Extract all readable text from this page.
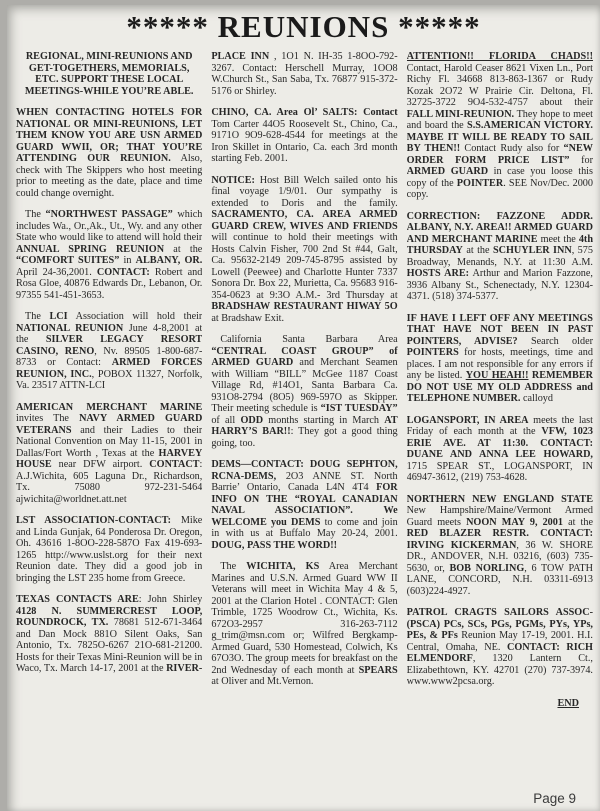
***** REUNIONS *****

REGIONAL, MINI-REUNIONS AND GET-TOGETHERS, MEMORIALS, ETC. SUPPORT THESE LOCAL MEETINGS-WHILE YOU’RE ABLE.

WHEN CONTACTING HOTELS FOR NATIONAL OR MINI-REUNIONS, LET THEM KNOW YOU ARE USN ARMED GUARD WWII, OR; THAT YOU’RE ATTENDING OUR REUNION. Also, check with The Skippers who host meeting prior to meeting as the date, place and time could change overnight.

The “NORTHWEST PASSAGE” which includes Wa., Or.,Ak., Ut., Wy. and any other State who would like to attend will hold their ANNUAL SPRING REUNION at the “COMFORT SUITES” in ALBANY, OR. April 24-36,2001. CONTACT: Robert and Rosa Gloe, 40876 Edwards Dr., Lebanon, Or. 97355 541-451-3653.

The LCI Association will hold their NATIONAL REUNION June 4-8,2001 at the SILVER LEGACY RESORT CASINO, RENO, Nv. 89505 1-800-687-8733 or Contact: ARMED FORCES REUNION, INC., POBOX 11327, Norfolk, Va. 23517 ATTN-LCI

AMERICAN MERCHANT MARINE invites The NAVY ARMED GUARD VETERANS and their Ladies to their National Convention on May 11-15, 2001 in Dallas/Fort Worth , Texas at the HARVEY HOUSE near DFW airport. CONTACT: A.J.Wichita, 605 Laguna Dr., Richardson, Tx. 75080 972-231-5464 ajwichita@worldnet.att.net

LST ASSOCIATION-CONTACT: Mike and Linda Gunjak, 64 Ponderosa Dr. Oregon, Oh. 43616 1-8OO-228-587O Fax 419-693-1265 http://www.uslst.org for their next Reunion date. They did a good job in bringing the LST 235 home from Greece.

TEXAS CONTACTS ARE: John Shirley 4128 N. SUMMERCREST LOOP, ROUNDROCK, TX. 78681 512-671-3464 and Dan Mock 881O Silent Oaks, San Antonio, Tx. 7825O-6267 21O-681-21200. Hosts for their Texas Mini-Reunion will be in Waco, Tx. March 14-17, 2001 at the RIVER-

PLACE INN , 1O1 N. IH-35 1-8OO-792-3267. Contact: Herschell Murray, 1OO8 W.Church St., San Saba, Tx. 76877 915-372-5176 or Shirley.

CHINO, CA. Area Ol’ SALTS: Contact Tom Carter 44O5 Roosevelt St., Chino, Ca., 9171O 9O9-628-4544 for meetings at the Iron Skillet in Ontario, Ca. each 3rd month starting Feb. 2001.

NOTICE: Host Bill Welch sailed onto his final voyage 1/9/01. Our sympathy is extended to Doris and the family. SACRAMENTO, CA. AREA ARMED GUARD CREW, WIVES AND FRIENDS will continue to hold their meetings with Hosts Calvin Fisher, 700 2nd St #44, Galt, Ca. 95632-2149 209-745-8795 assisted by Lowell (Peewee) and Charlotte Hunter 7337 Sonora Dr. Box 22, Murietta, Ca. 95683 916-354-0623 at 9:3O A.M.- 3rd Thursday at BRADSHAW RESTAURANT HIWAY 5O at Bradshaw Exit.

California Santa Barbara Area “CENTRAL COAST GROUP” of ARMED GUARD and Merchant Seamen with William “BILL” McGee 1187 Coast Village Rd, #14O1, Santa Barbara Ca. 931O8-2794 (8O5) 969-597O as Skipper. Their meeting schedule is “IST TUESDAY” of all ODD months starting in March AT HARRY’S BAR!!: They got a good thing going, too.

DEMS—CONTACT: DOUG SEPHTON, RCNA-DEMS, 2O3 ANNE ST. North Barrie’ Ontario, Canada L4N 4T4 FOR INFO ON THE “ROYAL CANADIAN NAVAL ASSOCIATION”. We WELCOME you DEMS to come and join in with us at Buffalo May 20-24, 2001. DOUG, PASS THE WORD!!

The WICHITA, KS Area Merchant Marines and U.S.N. Armed Guard WW II Veterans will meet in Wichita May 4 & 5, 2001 at the Clarion Hotel . CONTACT: Glen Trimble, 1725 Woodrow Ct., Wichita, Ks. 672O3-2957 316-263-7112 g_trim@msn.com or; Wilfred Bergkamp-Armed Guard, 530 Homestead, Colwich, Ks 67O3O. The group meets for breakfast on the 2nd Wednesday of each month at SPEARS at Oliver and Mt.Vernon.

ATTENTION!! FLORIDA CHADS!! Contact, Harold Ceaser 8621 Vixen Ln., Port Richy Fl. 34668 813-863-1367 or Rudy Kozak 2O72 W Prairie Cir. Deltona, Fl. 32725-3722 9O4-532-4757 about their FALL MINI-REUNION. They hope to meet and board the S.S.AMERICAN VICTORY. MAYBE IT WILL BE READY TO SAIL BY THEN!! Contact Rudy also for “NEW ORDER FORM PRICE LIST” for ARMED GUARD in case you loose this copy of the POINTER. SEE Nov/Dec. 2000 copy.

CORRECTION: FAZZONE ADDR. ALBANY, N.Y. AREA!! ARMED GUARD AND MERCHANT MARINE meet the 4th THURSDAY at the SCHUYLER INN, 575 Broadway, Menands, N.Y. at 11:30 A.M. HOSTS ARE: Arthur and Marion Fazzone, 3936 Albany St., Schenectady, N.Y. 12304-4371. (518) 374-5377.

IF HAVE I LEFT OFF ANY MEETINGS THAT HAVE NOT BEEN IN PAST POINTERS, ADVISE? Search older POINTERS for hosts, meetings, time and places. I am not responsible for any errors if any be listed. YOU HEAH!! REMEMBER DO NOT USE MY OLD ADDRESS and TELEPHONE NUMBER. calloyd

LOGANSPORT, IN AREA meets the last Friday of each month at the VFW, 1023 ERIE AVE. AT 11:30. CONTACT: DUANE AND ANNA LEE HOWARD, 1715 SPEAR ST., LOGANSPORT, IN 46947-3612, (219) 753-4628.

NORTHERN NEW ENGLAND STATE New Hampshire/Maine/Vermont Armed Guard meets NOON MAY 9, 2001 at the RED BLAZER RESTR. CONTACT: IRVING KICKERMAN, 36 W. SHORE DR., ANDOVER, N.H. 03216, (603) 735-5630, or, BOB NORLING, 6 TOW PATH LANE, CONCORD, N.H. 03311-6913 (603)224-4927.

PATROL CRAGTS SAILORS ASSOC-(PSCA) PCs, SCs, PGs, PGMs, PYs, YPs, PEs, & PFs Reunion May 17-19, 2001. H.I. Central, Omaha, NE. CONTACT: RICH ELMENDORF, 1320 Lantern Ct., Elizabethtown, KY. 42701 (270) 737-3974. www.www2pcsa.org.

END

Page 9
